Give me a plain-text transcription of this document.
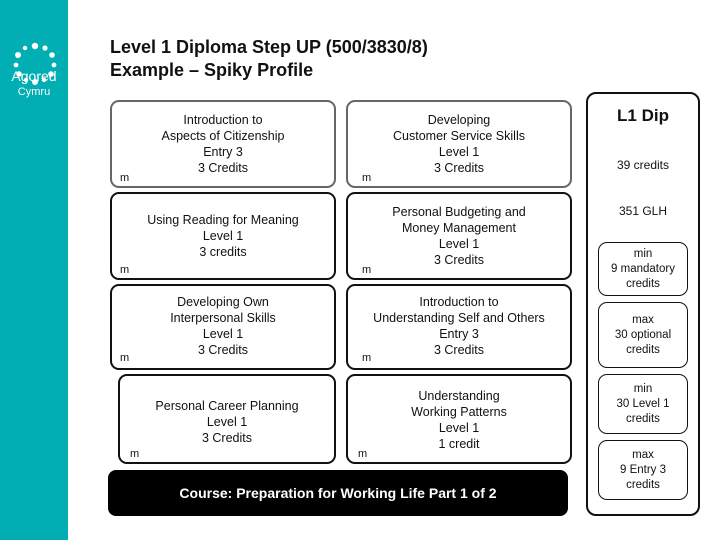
Agored
Cymru
Level 1 Diploma Step UP (500/3830/8)
Example – Spiky Profile
Introduction to
Aspects of Citizenship
Entry 3
3 Credits
m
Using Reading for Meaning
Level 1
3 credits
m
Developing Own
Interpersonal Skills
Level 1
3 Credits
m
Personal Career Planning
Level 1
3 Credits
m
Developing
Customer Service Skills
Level 1
3 Credits
m
Personal Budgeting and
Money Management
Level 1
3 Credits
m
Introduction to
Understanding Self and Others
Entry 3
3 Credits
m
Understanding
Working Patterns
Level 1
1 credit
m
Course: Preparation for Working Life Part 1 of 2
L1 Dip
39 credits
351 GLH
min
9 mandatory
credits
max
30 optional
credits
min
30 Level 1
credits
max
9 Entry 3
credits
